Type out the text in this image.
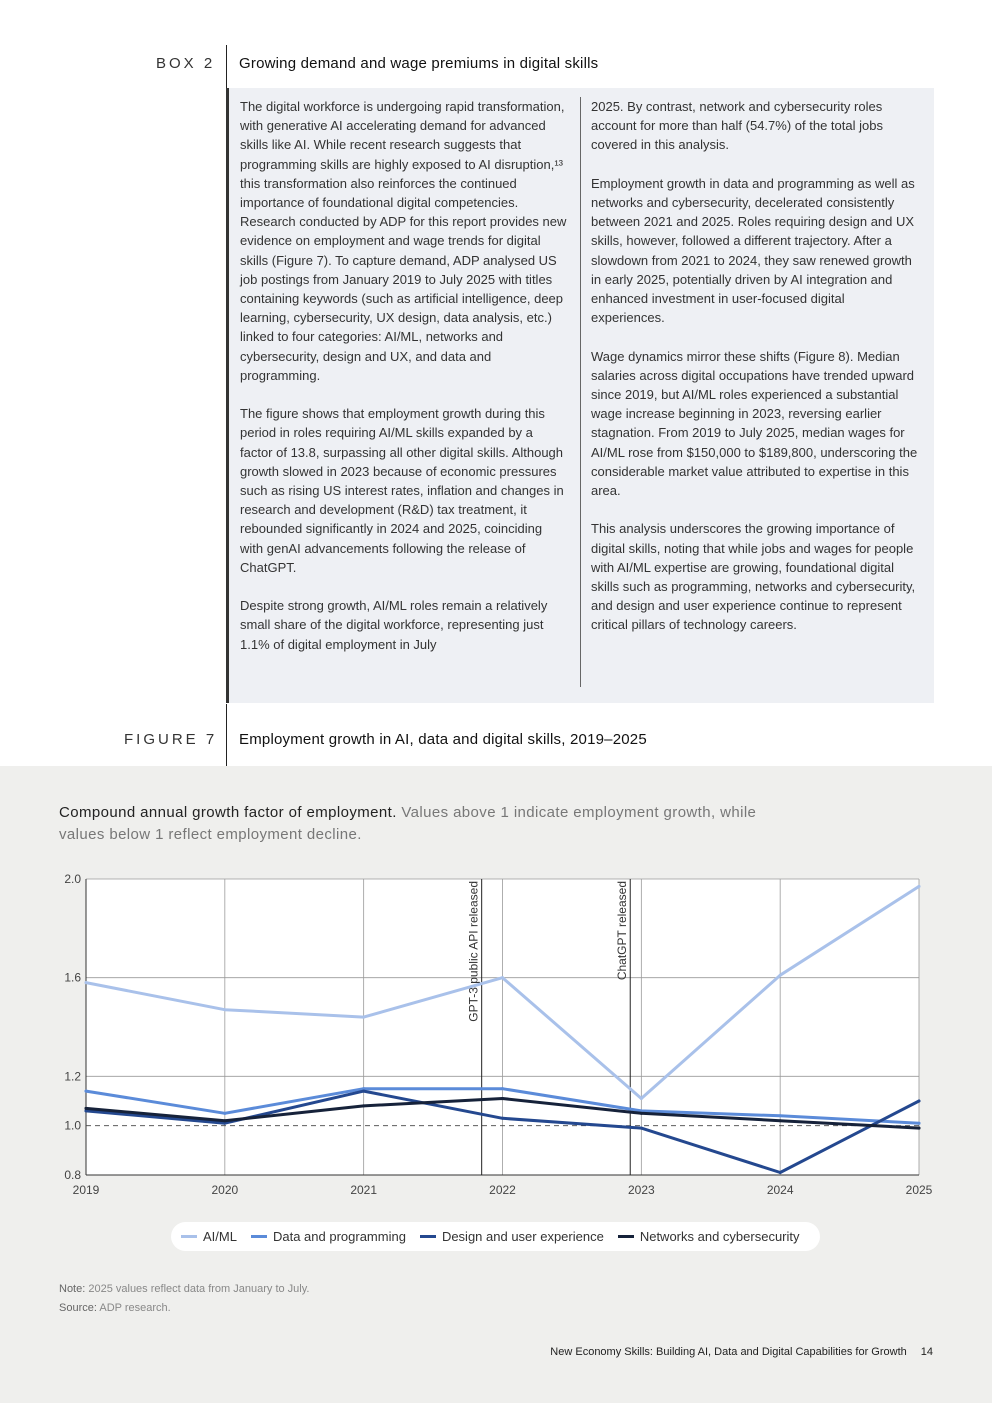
BOX 2 Growing demand and wage premiums in digital skills

The digital workforce is undergoing rapid transformation, with generative AI accelerating demand for advanced skills like AI. While recent research suggests that programming skills are highly exposed to AI disruption,¹³ this transformation also reinforces the continued importance of foundational digital competencies. Research conducted by ADP for this report provides new evidence on employment and wage trends for digital skills (Figure 7). To capture demand, ADP analysed US job postings from January 2019 to July 2025 with titles containing keywords (such as artificial intelligence, deep learning, cybersecurity, UX design, data analysis, etc.) linked to four categories: AI/ML, networks and cybersecurity, design and UX, and data and programming.

The figure shows that employment growth during this period in roles requiring AI/ML skills expanded by a factor of 13.8, surpassing all other digital skills. Although growth slowed in 2023 because of economic pressures such as rising US interest rates, inflation and changes in research and development (R&D) tax treatment, it rebounded significantly in 2024 and 2025, coinciding with genAI advancements following the release of ChatGPT.

Despite strong growth, AI/ML roles remain a relatively small share of the digital workforce, representing just 1.1% of digital employment in July

2025. By contrast, network and cybersecurity roles account for more than half (54.7%) of the total jobs covered in this analysis.

Employment growth in data and programming as well as networks and cybersecurity, decelerated consistently between 2021 and 2025. Roles requiring design and UX skills, however, followed a different trajectory. After a slowdown from 2021 to 2024, they saw renewed growth in early 2025, potentially driven by AI integration and enhanced investment in user-focused digital experiences.

Wage dynamics mirror these shifts (Figure 8). Median salaries across digital occupations have trended upward since 2019, but AI/ML roles experienced a substantial wage increase beginning in 2023, reversing earlier stagnation. From 2019 to July 2025, median wages for AI/ML rose from $150,000 to $189,800, underscoring the considerable market value attributed to expertise in this area.

This analysis underscores the growing importance of digital skills, noting that while jobs and wages for people with AI/ML expertise are growing, foundational digital skills such as programming, networks and cybersecurity, and design and user experience continue to represent critical pillars of technology careers.

FIGURE 7 Employment growth in AI, data and digital skills, 2019–2025
Compound annual growth factor of employment. Values above 1 indicate employment growth, while values below 1 reflect employment decline.
0.8
1.0
1.2
1.6
2.0
2019	2020	2021	2022	2023	2024	2025
GPT-3 public API released	ChatGPT released
AI/ML	Data and programming	Design and user experience	Networks and cybersecurity
Note: 2025 values reflect data from January to July.
Source: ADP research.
New Economy Skills: Building AI, Data and Digital Capabilities for Growth 14
